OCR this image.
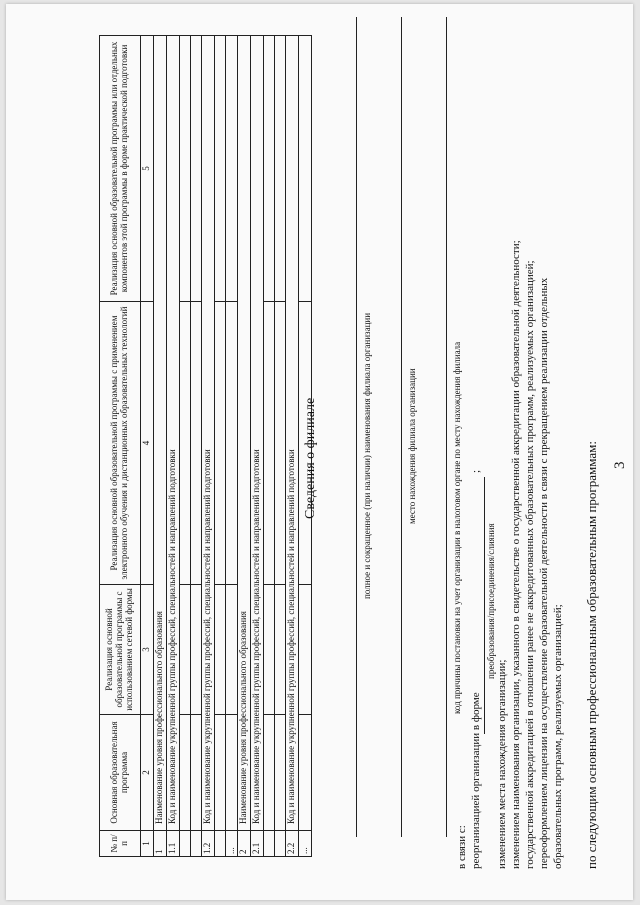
3
по следующим основным профессиональным образовательным программам:
№ п/п	Основная образовательная программа	Реализация основной образовательной программы с использованием сетевой формы	Реализация основной образовательной программы с применением электронного обучения и дистанционных образовательных технологий	Реализация основной образовательной программы или отдельных компонентов этой программы в форме практической подготовки
1	2	3	4	5
1	Наименование уровня профессионального образования			
1.1	Код и наименование укрупненной группы профессий, специальностей и направлений подготовки			

1.2	Код и наименование укрупненной группы профессий, специальностей и направлений подготовки			

...				
2	Наименование уровня профессионального образования			
2.1	Код и наименование укрупненной группы профессий, специальностей и направлений подготовки			

2.2	Код и наименование укрупненной группы профессий, специальностей и направлений подготовки			
...				
Сведения о филиале	полное и сокращенное (при наличии) наименования филиала организации	место нахождения филиала организации	код причины постановки на учет организации в налоговом органе по месту нахождения филиала
в связи с: реорганизацией организации в форме
;
преобразования/присоединения/слияния
изменением места нахождения организации; изменением наименования организации, указанного в свидетельстве о государственной аккредитации образовательной деятельности; государственной аккредитацией в отношении ранее не аккредитованных образовательных программ, реализуемых организацией; переоформлением лицензии на осуществление образовательной деятельности в связи с прекращением реализации отдельных образовательных программ, реализуемых организацией;
